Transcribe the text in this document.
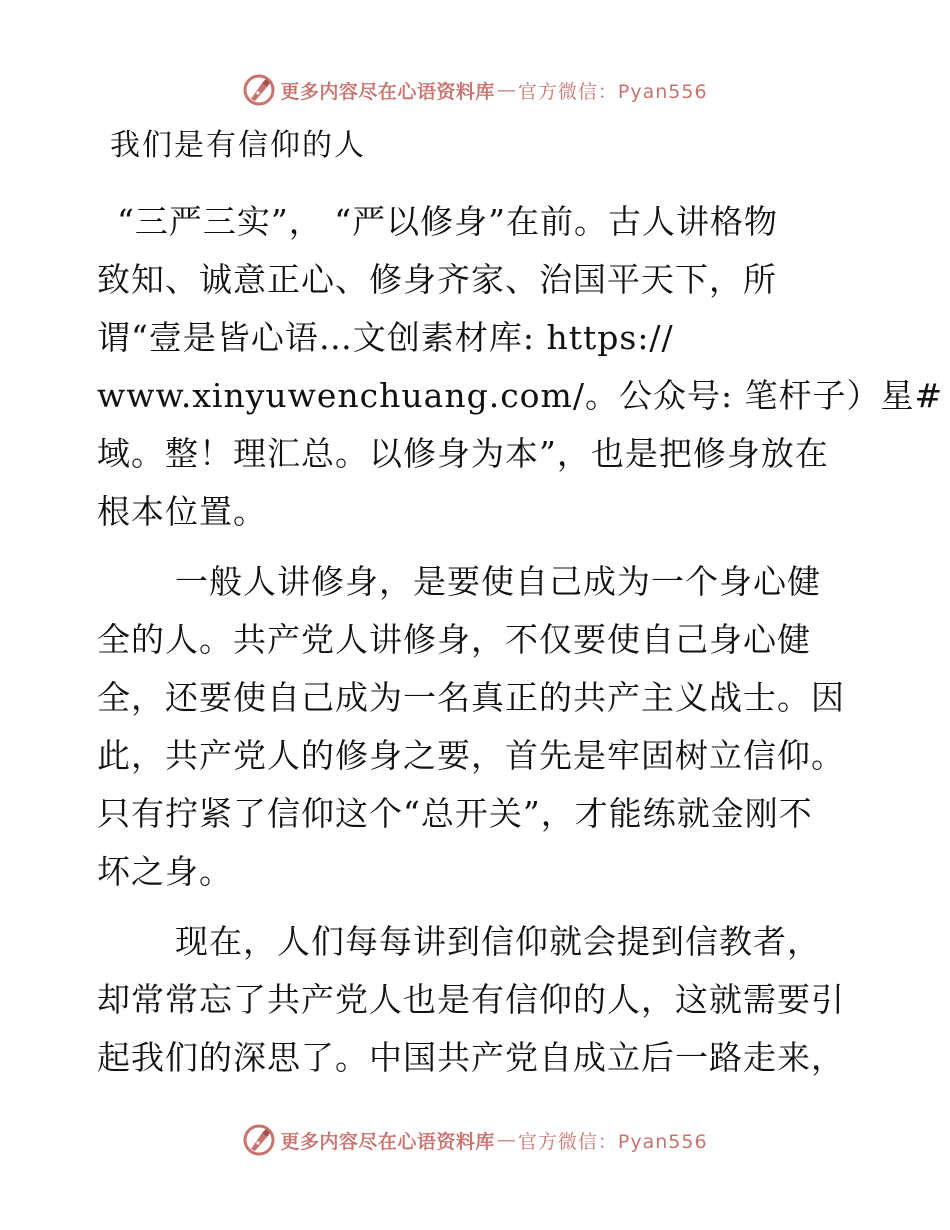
更多内容尽在心语资料库 — 官方微信：Pyan556
我们是有信仰的人
“三严三实”， “严以修身”在前。古人讲格物
致知、诚意正心、修身齐家、治国平天下，所
谓“壹是皆心语…文创素材库: https://
www.xinyuwenchuang.com/。公众号: 笔杆子）星#
域。整！理汇总。以修身为本”，也是把修身放在
根本位置。
一般人讲修身，是要使自己成为一个身心健
全的人。共产党人讲修身，不仅要使自己身心健
全，还要使自己成为一名真正的共产主义战士。因
此，共产党人的修身之要，首先是牢固树立信仰。
只有拧紧了信仰这个“总开关”，才能练就金刚不
坏之身。
现在，人们每每讲到信仰就会提到信教者，
却常常忘了共产党人也是有信仰的人，这就需要引
起我们的深思了。中国共产党自成立后一路走来，
更多内容尽在心语资料库 — 官方微信：Pyan556
